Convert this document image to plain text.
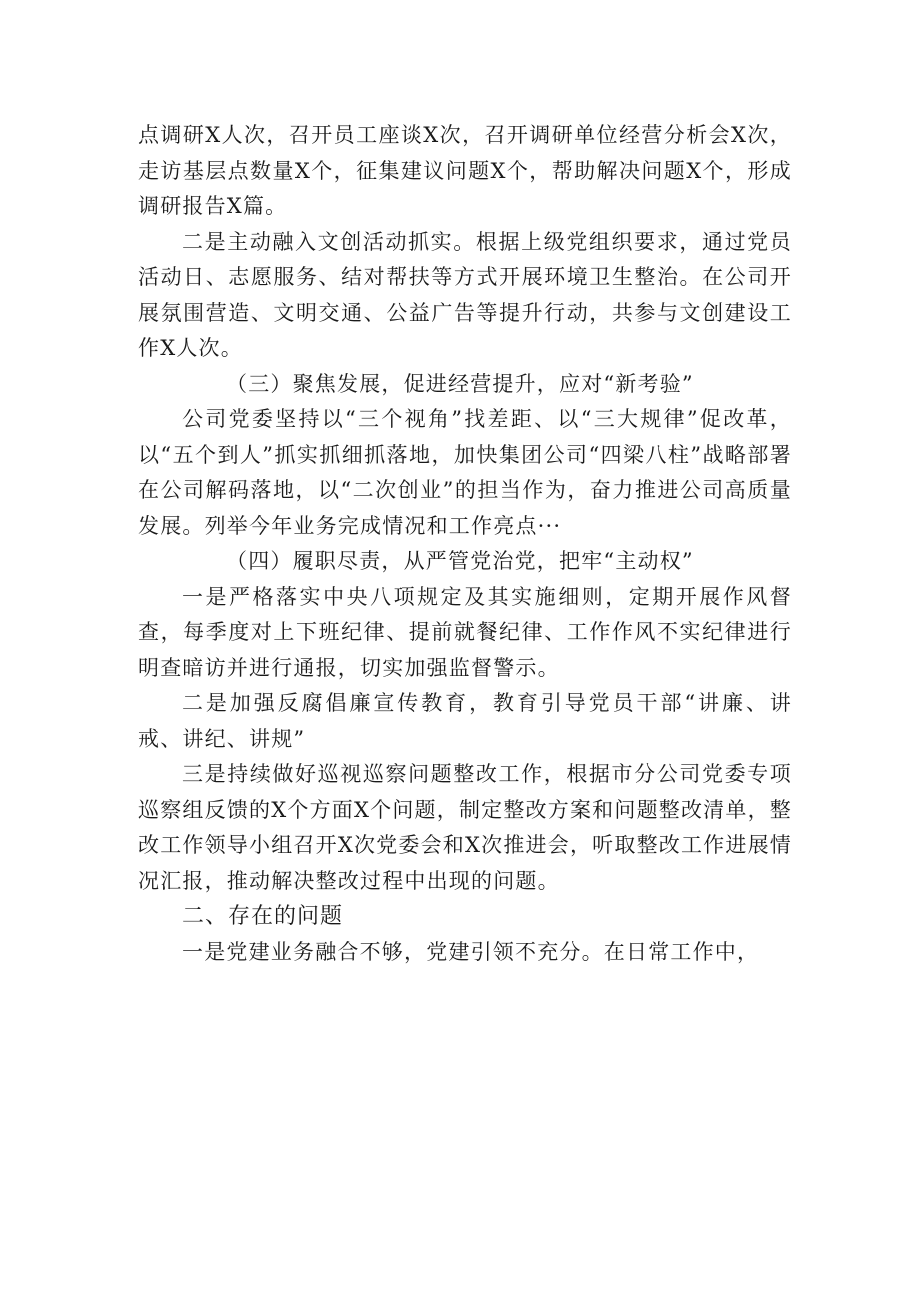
点调研X人次，召开员工座谈X次，召开调研单位经营分析会X次，走访基层点数量X个，征集建议问题X个，帮助解决问题X个，形成调研报告X篇。

二是主动融入文创活动抓实。根据上级党组织要求，通过党员活动日、志愿服务、结对帮扶等方式开展环境卫生整治。在公司开展氛围营造、文明交通、公益广告等提升行动，共参与文创建设工作X人次。

（三）聚焦发展，促进经营提升，应对“新考验”

公司党委坚持以“三个视角”找差距、以“三大规律”促改革，以“五个到人”抓实抓细抓落地，加快集团公司“四梁八柱”战略部署在公司解码落地，以“二次创业”的担当作为，奋力推进公司高质量发展。列举今年业务完成情况和工作亮点···

（四）履职尽责，从严管党治党，把牢“主动权”

一是严格落实中央八项规定及其实施细则，定期开展作风督查，每季度对上下班纪律、提前就餐纪律、工作作风不实纪律进行明查暗访并进行通报，切实加强监督警示。

二是加强反腐倡廉宣传教育，教育引导党员干部“讲廉、讲戒、讲纪、讲规”

三是持续做好巡视巡察问题整改工作，根据市分公司党委专项巡察组反馈的X个方面X个问题，制定整改方案和问题整改清单，整改工作领导小组召开X次党委会和X次推进会，听取整改工作进展情况汇报，推动解决整改过程中出现的问题。

二、存在的问题

一是党建业务融合不够，党建引领不充分。在日常工作中，
